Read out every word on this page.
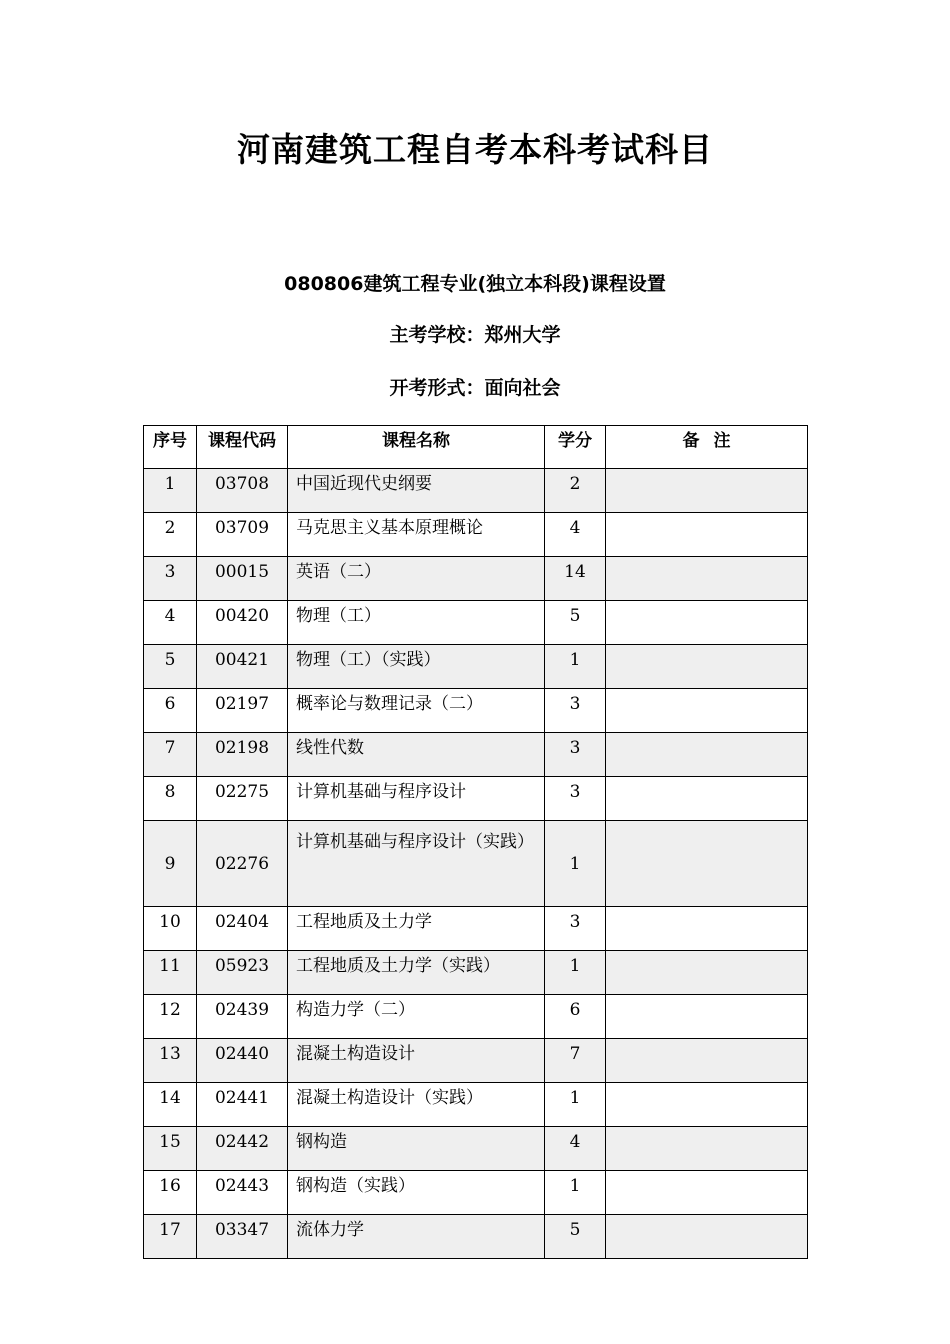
河南建筑工程自考本科考试科目
080806建筑工程专业(独立本科段)课程设置
主考学校：郑州大学
开考形式：面向社会
序号	课程代码	课程名称	学分	备 注
1	03708	中国近现代史纲要	2	
2	03709	马克思主义基本原理概论	4	
3	00015	英语（二）	14	
4	00420	物理（工）	5	
5	00421	物理（工）（实践）	1	
6	02197	概率论与数理记录（二）	3	
7	02198	线性代数	3	
8	02275	计算机基础与程序设计	3	
9	02276	计算机基础与程序设计（实践）	1	
10	02404	工程地质及土力学	3	
11	05923	工程地质及土力学（实践）	1	
12	02439	构造力学（二）	6	
13	02440	混凝土构造设计	7	
14	02441	混凝土构造设计（实践）	1	
15	02442	钢构造	4	
16	02443	钢构造（实践）	1	
17	03347	流体力学	5	
